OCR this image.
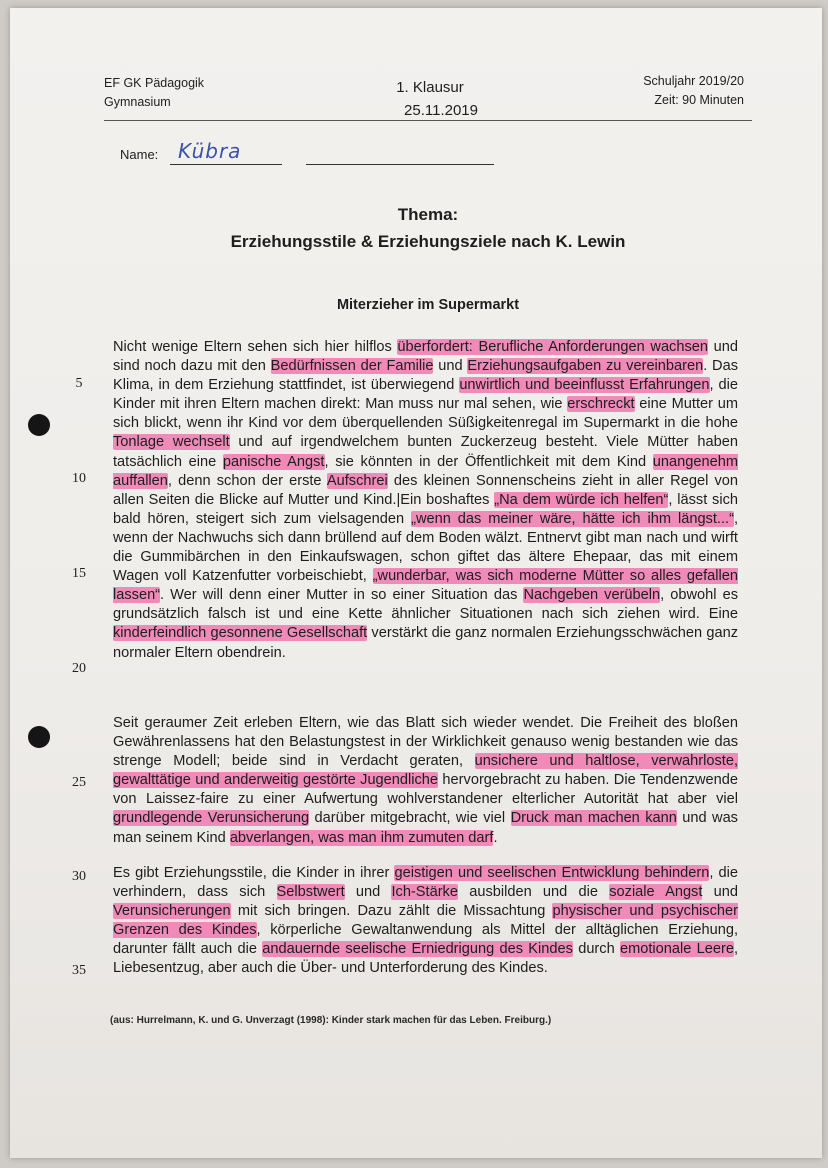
EF GK Pädagogik
Gymnasium
1. Klausur
25.11.2019
Schuljahr 2019/20
Zeit: 90 Minuten
Name: Kübra
Thema:
Erziehungsstile & Erziehungsziele nach K. Lewin
Miterzieher im Supermarkt
5
10
15
20
25
30
35
Nicht wenige Eltern sehen sich hier hilflos überfordert: Berufliche Anforderungen wachsen und sind noch dazu mit den Bedürfnissen der Familie und Erziehungsaufgaben zu vereinbaren. Das Klima, in dem Erziehung stattfindet, ist überwiegend unwirtlich und beeinflusst Erfahrungen, die Kinder mit ihren Eltern machen direkt: Man muss nur mal sehen, wie erschreckt eine Mutter um sich blickt, wenn ihr Kind vor dem überquellenden Süßigkeitenregal im Supermarkt in die hohe Tonlage wechselt und auf irgendwelchem bunten Zuckerzeug besteht. Viele Mütter haben tatsächlich eine panische Angst, sie könnten in der Öffentlichkeit mit dem Kind unangenehm auffallen, denn schon der erste Aufschrei des kleinen Sonnenscheins zieht in aller Regel von allen Seiten die Blicke auf Mutter und Kind.|Ein boshaftes „Na dem würde ich helfen“, lässt sich bald hören, steigert sich zum vielsagenden „wenn das meiner wäre, hätte ich ihm längst...“, wenn der Nachwuchs sich dann brüllend auf dem Boden wälzt. Entnervt gibt man nach und wirft die Gummibärchen in den Einkaufswagen, schon giftet das ältere Ehepaar, das mit einem Wagen voll Katzenfutter vorbeischiebt, „wunderbar, was sich moderne Mütter so alles gefallen lassen“. Wer will denn einer Mutter in so einer Situation das Nachgeben verübeln, obwohl es grundsätzlich falsch ist und eine Kette ähnlicher Situationen nach sich ziehen wird. Eine kinderfeindlich gesonnene Gesellschaft verstärkt die ganz normalen Erziehungsschwächen ganz normaler Eltern obendrein.
Seit geraumer Zeit erleben Eltern, wie das Blatt sich wieder wendet. Die Freiheit des bloßen Gewährenlassens hat den Belastungstest in der Wirklichkeit genauso wenig bestanden wie das strenge Modell; beide sind in Verdacht geraten, unsichere und haltlose, verwahrloste, gewalttätige und anderweitig gestörte Jugendliche hervorgebracht zu haben. Die Tendenzwende von Laissez-faire zu einer Aufwertung wohlverstandener elterlicher Autorität hat aber viel grundlegende Verunsicherung darüber mitgebracht, wie viel Druck man machen kann und was man seinem Kind abverlangen, was man ihm zumuten darf.
Es gibt Erziehungsstile, die Kinder in ihrer geistigen und seelischen Entwicklung behindern, die verhindern, dass sich Selbstwert und Ich-Stärke ausbilden und die soziale Angst und Verunsicherungen mit sich bringen. Dazu zählt die Missachtung physischer und psychischer Grenzen des Kindes, körperliche Gewaltanwendung als Mittel der alltäglichen Erziehung, darunter fällt auch die andauernde seelische Erniedrigung des Kindes durch emotionale Leere, Liebesentzug, aber auch die Über- und Unterforderung des Kindes.
(aus: Hurrelmann, K. und G. Unverzagt (1998): Kinder stark machen für das Leben. Freiburg.)
